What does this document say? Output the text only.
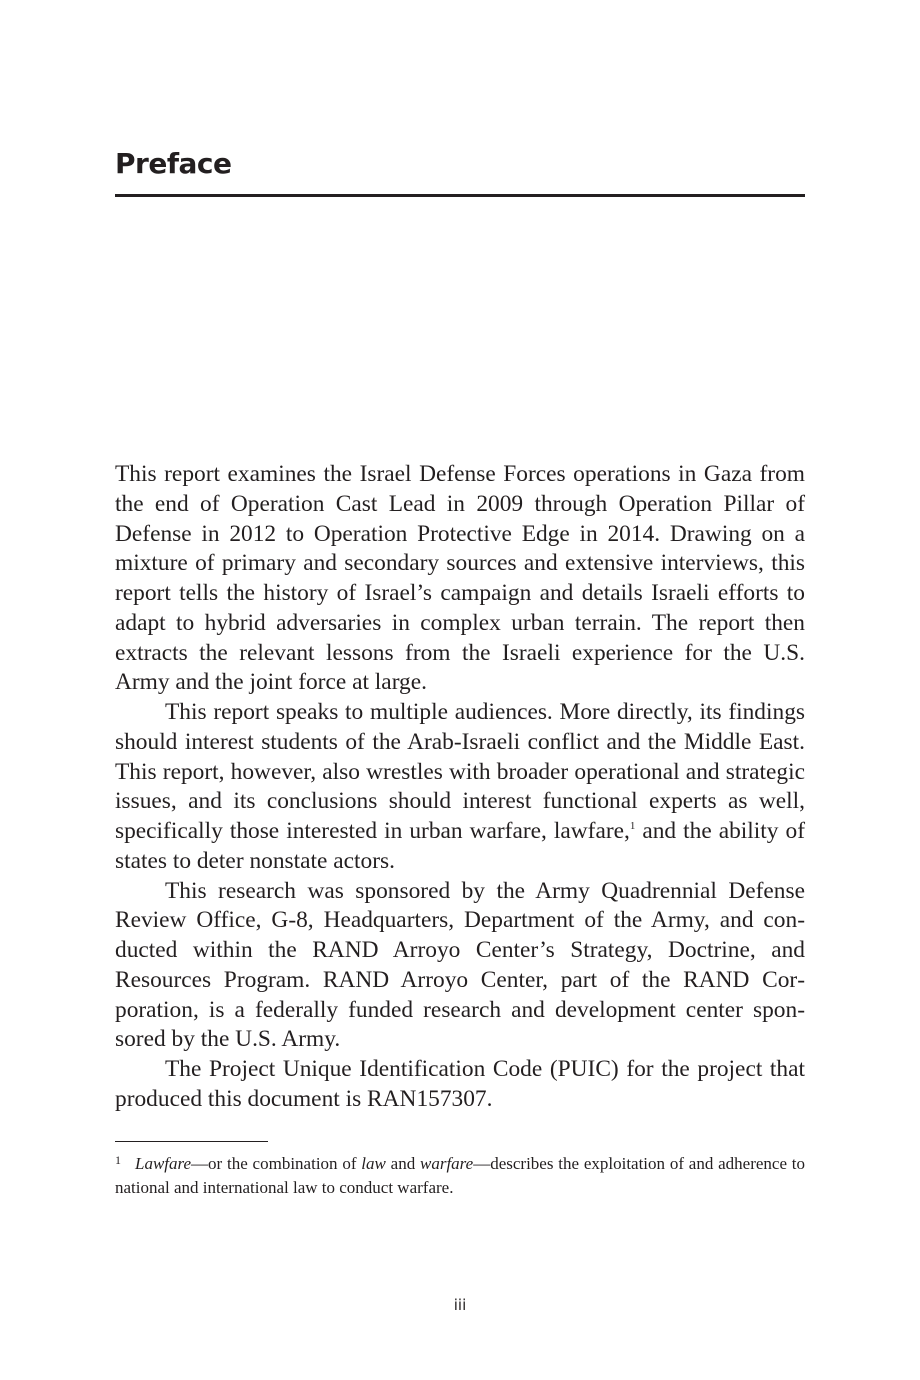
Preface

This report examines the Israel Defense Forces operations in Gaza from the end of Operation Cast Lead in 2009 through Operation Pillar of Defense in 2012 to Operation Protective Edge in 2014. Drawing on a mixture of primary and secondary sources and extensive interviews, this report tells the history of Israel’s campaign and details Israeli efforts to adapt to hybrid adversaries in complex urban terrain. The report then extracts the relevant lessons from the Israeli experience for the U.S. Army and the joint force at large.

This report speaks to multiple audiences. More directly, its findings should interest students of the Arab-Israeli conflict and the Middle East. This report, however, also wrestles with broader operational and strategic issues, and its conclusions should interest functional experts as well, specifically those interested in urban warfare, lawfare,$^1$ and the ability of states to deter nonstate actors.

This research was sponsored by the Army Quadrennial Defense Review Office, G-8, Headquarters, Department of the Army, and conducted within the RAND Arroyo Center’s Strategy, Doctrine, and Resources Program. RAND Arroyo Center, part of the RAND Corporation, is a federally funded research and development center sponsored by the U.S. Army.

The Project Unique Identification Code (PUIC) for the project that produced this document is RAN157307.

$^1$ Lawfare—or the combination of law and warfare—describes the exploitation of and adherence to national and international law to conduct warfare.

iii
